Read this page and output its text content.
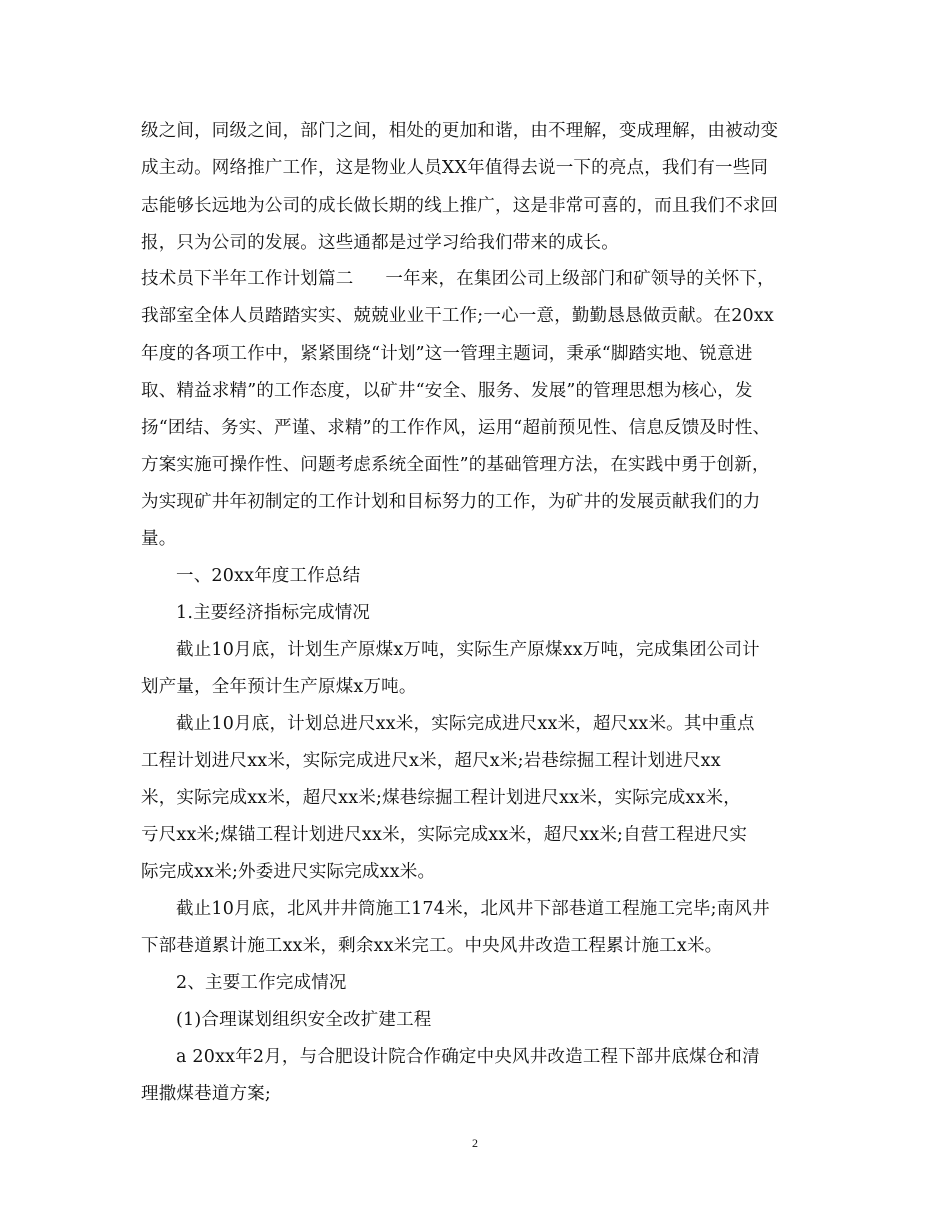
级之间，同级之间，部门之间，相处的更加和谐，由不理解，变成理解，由被动变
成主动。网络推广工作，这是物业人员XX年值得去说一下的亮点，我们有一些同
志能够长远地为公司的成长做长期的线上推广，这是非常可喜的，而且我们不求回
报，只为公司的发展。这些通都是过学习给我们带来的成长。
技术员下半年工作计划篇二 一年来，在集团公司上级部门和矿领导的关怀下，
我部室全体人员踏踏实实、兢兢业业干工作;一心一意，勤勤恳恳做贡献。在20xx
年度的各项工作中，紧紧围绕“计划”这一管理主题词，秉承“脚踏实地、锐意进
取、精益求精”的工作态度，以矿井“安全、服务、发展”的管理思想为核心，发
扬“团结、务实、严谨、求精”的工作作风，运用“超前预见性、信息反馈及时性、
方案实施可操作性、问题考虑系统全面性”的基础管理方法，在实践中勇于创新，
为实现矿井年初制定的工作计划和目标努力的工作，为矿井的发展贡献我们的力
量。
一、20xx年度工作总结
1.主要经济指标完成情况
截止10月底，计划生产原煤x万吨，实际生产原煤xx万吨，完成集团公司计
划产量，全年预计生产原煤x万吨。
截止10月底，计划总进尺xx米，实际完成进尺xx米，超尺xx米。其中重点
工程计划进尺xx米，实际完成进尺x米，超尺x米;岩巷综掘工程计划进尺xx
米，实际完成xx米，超尺xx米;煤巷综掘工程计划进尺xx米，实际完成xx米，
亏尺xx米;煤锚工程计划进尺xx米，实际完成xx米，超尺xx米;自营工程进尺实
际完成xx米;外委进尺实际完成xx米。
截止10月底，北风井井筒施工174米，北风井下部巷道工程施工完毕;南风井
下部巷道累计施工xx米，剩余xx米完工。中央风井改造工程累计施工x米。
2、主要工作完成情况
(1)合理谋划组织安全改扩建工程
a 20xx年2月，与合肥设计院合作确定中央风井改造工程下部井底煤仓和清
理撒煤巷道方案;
2
